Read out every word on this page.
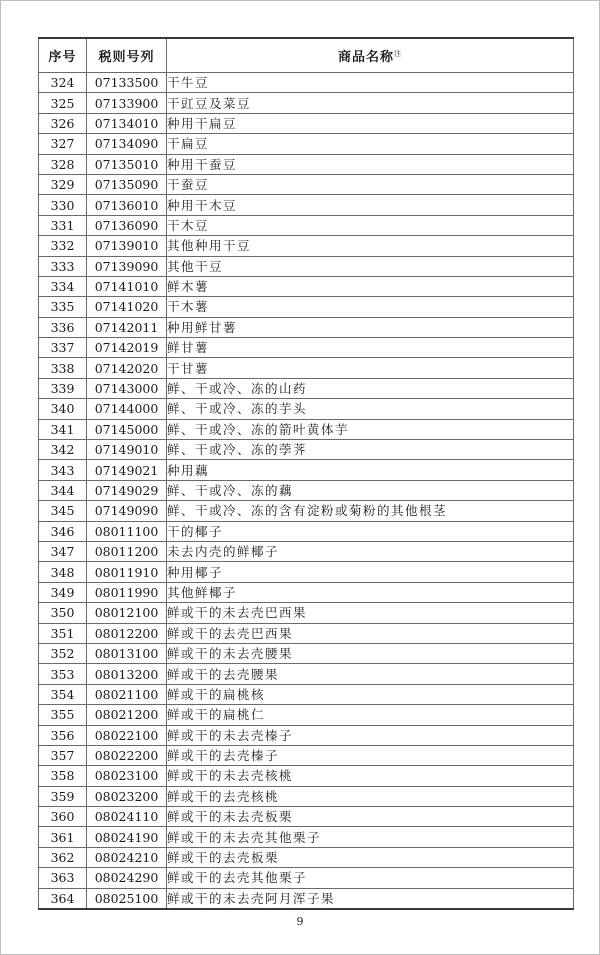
序号	税则号列	商品名称$^注$
324	07133500	干牛豆
325	07133900	干豇豆及菜豆
326	07134010	种用干扁豆
327	07134090	干扁豆
328	07135010	种用干蚕豆
329	07135090	干蚕豆
330	07136010	种用干木豆
331	07136090	干木豆
332	07139010	其他种用干豆
333	07139090	其他干豆
334	07141010	鲜木薯
335	07141020	干木薯
336	07142011	种用鲜甘薯
337	07142019	鲜甘薯
338	07142020	干甘薯
339	07143000	鲜、干或冷、冻的山药
340	07144000	鲜、干或冷、冻的芋头
341	07145000	鲜、干或冷、冻的箭叶黄体芋
342	07149010	鲜、干或冷、冻的荸荠
343	07149021	种用藕
344	07149029	鲜、干或冷、冻的藕
345	07149090	鲜、干或冷、冻的含有淀粉或菊粉的其他根茎
346	08011100	干的椰子
347	08011200	未去内壳的鲜椰子
348	08011910	种用椰子
349	08011990	其他鲜椰子
350	08012100	鲜或干的未去壳巴西果
351	08012200	鲜或干的去壳巴西果
352	08013100	鲜或干的未去壳腰果
353	08013200	鲜或干的去壳腰果
354	08021100	鲜或干的扁桃核
355	08021200	鲜或干的扁桃仁
356	08022100	鲜或干的未去壳榛子
357	08022200	鲜或干的去壳榛子
358	08023100	鲜或干的未去壳核桃
359	08023200	鲜或干的去壳核桃
360	08024110	鲜或干的未去壳板栗
361	08024190	鲜或干的未去壳其他栗子
362	08024210	鲜或干的去壳板栗
363	08024290	鲜或干的去壳其他栗子
364	08025100	鲜或干的未去壳阿月浑子果
9
